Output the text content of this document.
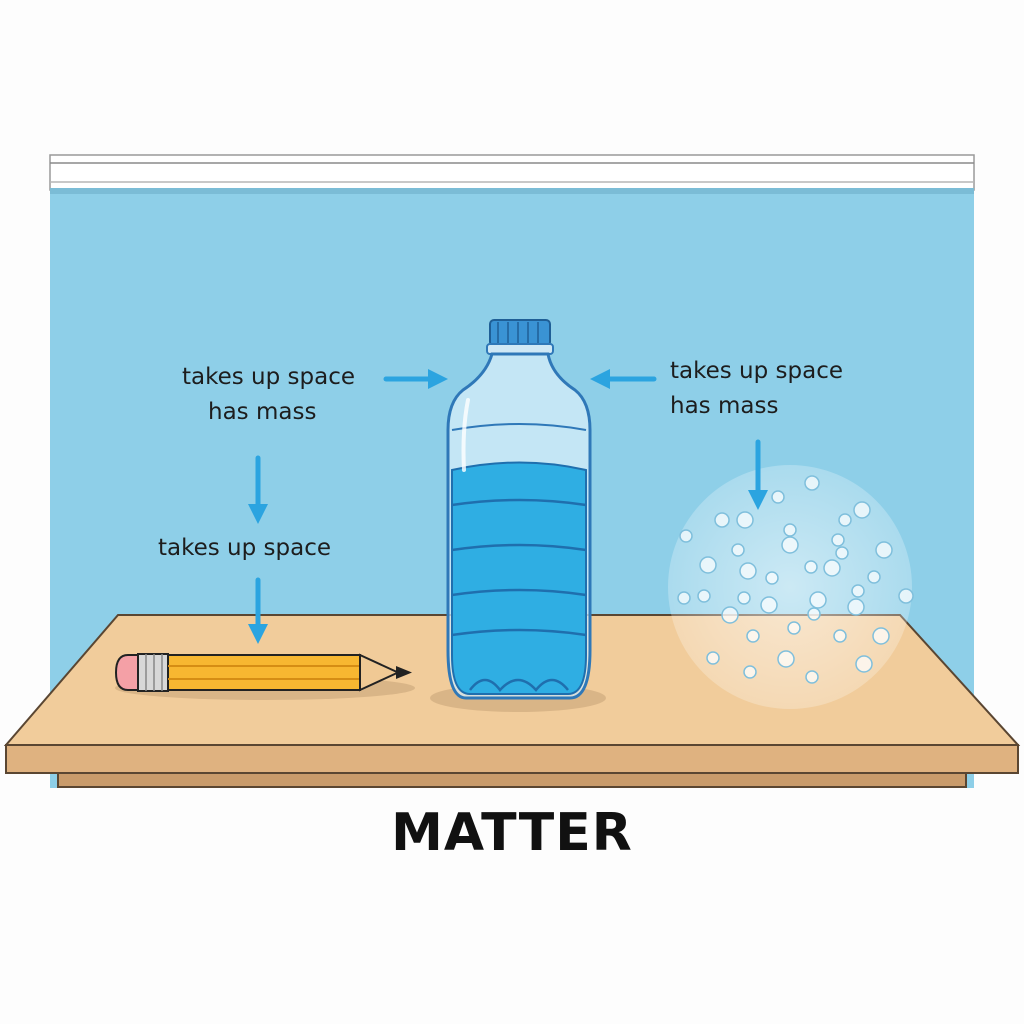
takes up space

has mass

takes up space

takes up space

has mass

MATTER
